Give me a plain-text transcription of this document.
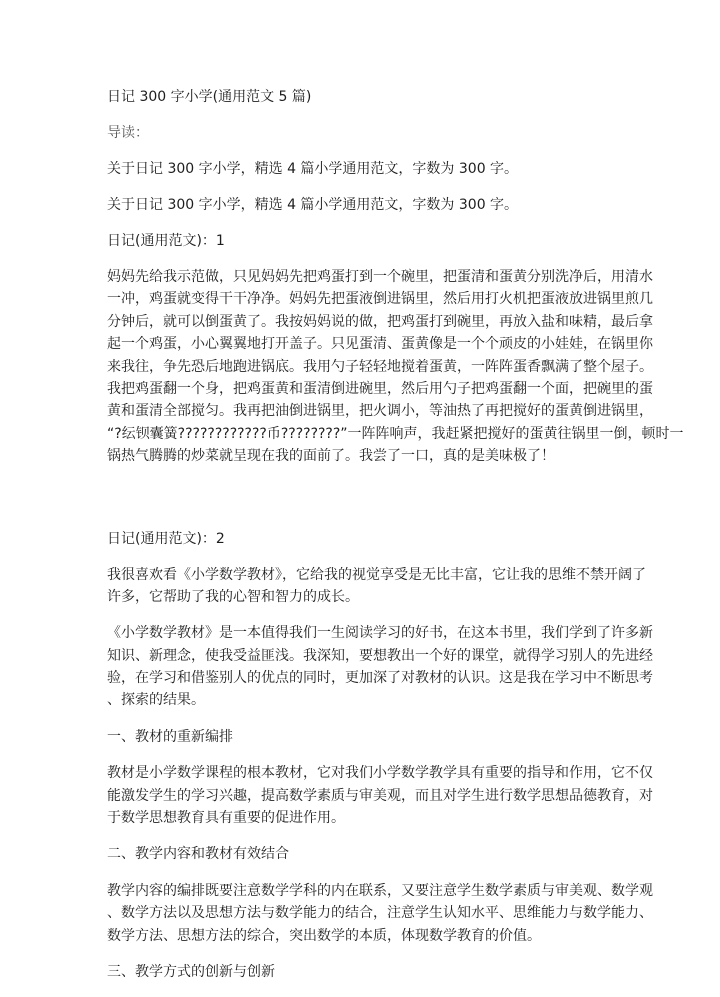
日记 300 字小学(通用范文 5 篇)
导读：
关于日记 300 字小学，精选 4 篇小学通用范文，字数为 300 字。
关于日记 300 字小学，精选 4 篇小学通用范文，字数为 300 字。
日记(通用范文)：1
妈妈先给我示范做，只见妈妈先把鸡蛋打到一个碗里，把蛋清和蛋黄分别洗净后，用清水
一冲，鸡蛋就变得干干净净。妈妈先把蛋液倒进锅里，然后用打火机把蛋液放进锅里煎几
分钟后，就可以倒蛋黄了。我按妈妈说的做，把鸡蛋打到碗里，再放入盐和味精，最后拿
起一个鸡蛋，小心翼翼地打开盖子。只见蛋清、蛋黄像是一个个顽皮的小娃娃，在锅里你
来我往，争先恐后地跑进锅底。我用勺子轻轻地搅着蛋黄，一阵阵蛋香飘满了整个屋子。
我把鸡蛋翻一个身，把鸡蛋黄和蛋清倒进碗里，然后用勺子把鸡蛋翻一个面，把碗里的蛋
黄和蛋清全部搅匀。我再把油倒进锅里，把火调小，等油热了再把搅好的蛋黄倒进锅里，
“?纭钡囊簧????????????币????????”一阵阵响声，我赶紧把搅好的蛋黄往锅里一倒，顿时一
锅热气腾腾的炒菜就呈现在我的面前了。我尝了一口，真的是美味极了！
日记(通用范文)：2
我很喜欢看《小学数学教材》，它给我的视觉享受是无比丰富，它让我的思维不禁开阔了
许多，它帮助了我的心智和智力的成长。
《小学数学教材》是一本值得我们一生阅读学习的好书，在这本书里，我们学到了许多新
知识、新理念，使我受益匪浅。我深知，要想教出一个好的课堂，就得学习别人的先进经
验，在学习和借鉴别人的优点的同时，更加深了对教材的认识。这是我在学习中不断思考
、探索的结果。
一、教材的重新编排
教材是小学数学课程的根本教材，它对我们小学数学教学具有重要的指导和作用，它不仅
能激发学生的学习兴趣，提高数学素质与审美观，而且对学生进行数学思想品德教育，对
于数学思想教育具有重要的促进作用。
二、教学内容和教材有效结合
教学内容的编排既要注意数学学科的内在联系，又要注意学生数学素质与审美观、数学观
、数学方法以及思想方法与数学能力的结合，注意学生认知水平、思维能力与数学能力、
数学方法、思想方法的综合，突出数学的本质，体现数学教育的价值。
三、教学方式的创新与创新
